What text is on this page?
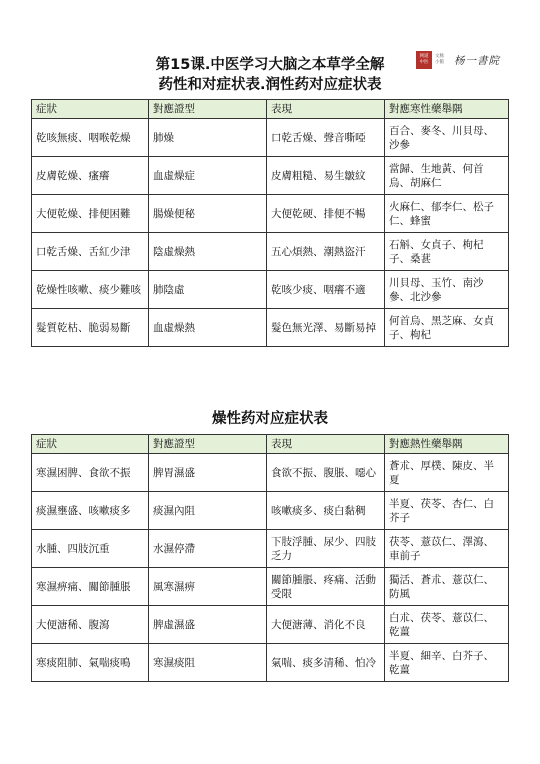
第15课.中医学习大脑之本草学全解
药性和对症状表.润性药对应症状表
网道
中医
文脉
小館 杨一書院
症狀	對應證型	表現	對應寒性藥舉隅
乾咳無痰、咽喉乾燥	肺燥	口乾舌燥、聲音嘶啞	百合、麥冬、川貝母、沙參
皮膚乾燥、瘙癢	血虛燥症	皮膚粗糙、易生皺紋	當歸、生地黃、何首烏、胡麻仁
大便乾燥、排便困難	腸燥便秘	大便乾硬、排便不暢	火麻仁、郁李仁、松子仁、蜂蜜
口乾舌燥、舌紅少津	陰虛燥熱	五心煩熱、潮熱盜汗	石斛、女貞子、枸杞子、桑葚
乾燥性咳嗽、痰少難咳	肺陰虛	乾咳少痰、咽癢不適	川貝母、玉竹、南沙參、北沙參
髮質乾枯、脆弱易斷	血虛燥熱	髮色無光澤、易斷易掉	何首烏、黑芝麻、女貞子、枸杞
燥性药对应症状表
症狀	對應證型	表現	對應熱性藥舉隅
寒濕困脾、食欲不振	脾胃濕盛	食欲不振、腹脹、噁心	蒼朮、厚樸、陳皮、半夏
痰濕壅盛、咳嗽痰多	痰濕內阻	咳嗽痰多、痰白黏稠	半夏、茯苓、杏仁、白芥子
水腫、四肢沉重	水濕停滯	下肢浮腫、尿少、四肢乏力	茯苓、薏苡仁、澤瀉、車前子
寒濕痹痛、關節腫脹	風寒濕痹	關節腫脹、疼痛、活動受限	獨活、蒼朮、薏苡仁、防風
大便溏稀、腹瀉	脾虛濕盛	大便溏薄、消化不良	白朮、茯苓、薏苡仁、乾薑
寒痰阻肺、氣喘痰鳴	寒濕痰阻	氣喘、痰多清稀、怕冷	半夏、細辛、白芥子、乾薑
